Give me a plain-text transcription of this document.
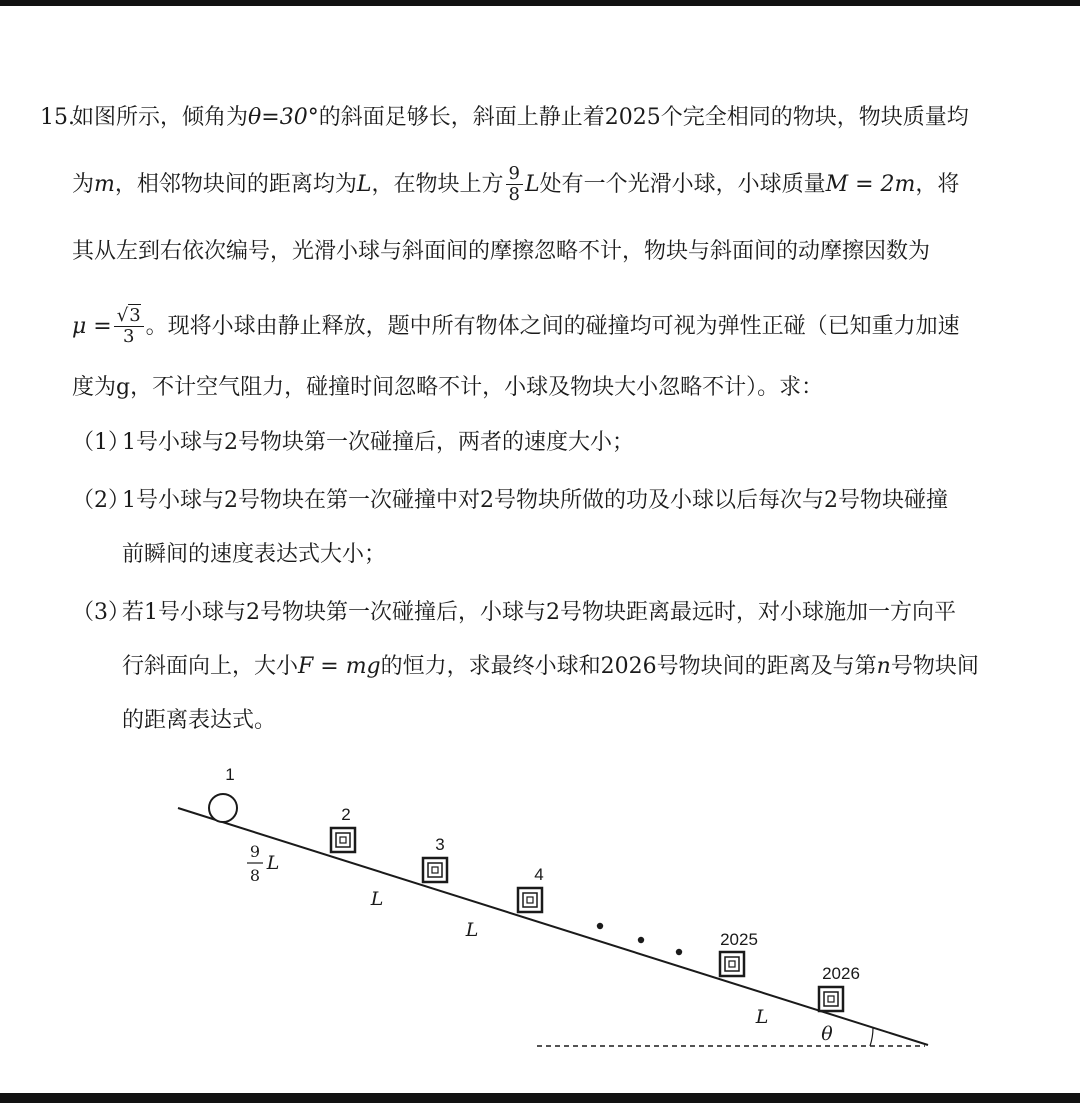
15.
如图所示，倾角为θ=30°的斜面足够长，斜面上静止着2025个完全相同的物块，物块质量均
为m，相邻物块间的距离均为L，在物块上方 $\frac{9}{8}$ L处有一个光滑小球，小球质量M = 2m，将
其从左到右依次编号，光滑小球与斜面间的摩擦忽略不计，物块与斜面间的动摩擦因数为
$\mu = \frac{√3}{3}$ 。现将小球由静止释放，题中所有物体之间的碰撞均可视为弹性正碰（已知重力加速
度为g，不计空气阻力，碰撞时间忽略不计，小球及物块大小忽略不计）。求：
（1）
1号小球与2号物块第一次碰撞后，两者的速度大小；
（2）
1号小球与2号物块在第一次碰撞中对2号物块所做的功及小球以后每次与2号物块碰撞
前瞬间的速度表达式大小；
（3）
若1号小球与2号物块第一次碰撞后，小球与2号物块距离最远时，对小球施加一方向平
行斜面向上，大小F = mg的恒力，求最终小球和2026号物块间的距离及与第n号物块间
的距离表达式。
1
2
3
4
2025
2026
9
8
L
L
L
L
θ
